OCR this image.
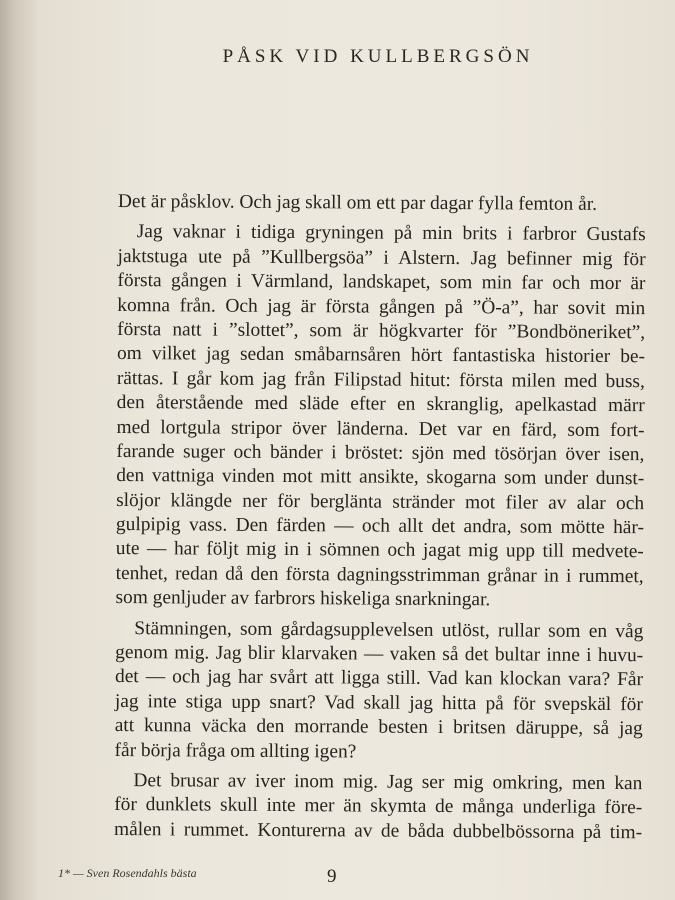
PÅSK VID KULLBERGSÖN
Det är påsklov. Och jag skall om ett par dagar fylla femton år.
Jag vaknar i tidiga gryningen på min brits i farbror Gustafs
jaktstuga ute på ”Kullbergsöa” i Alstern. Jag befinner mig för
första gången i Värmland, landskapet, som min far och mor är
komna från. Och jag är första gången på ”Ö-a”, har sovit min
första natt i ”slottet”, som är högkvarter för ”Bondböneriket”,
om vilket jag sedan småbarnsåren hört fantastiska historier be-
rättas. I går kom jag från Filipstad hitut: första milen med buss,
den återstående med släde efter en skranglig, apelkastad märr
med lortgula stripor över länderna. Det var en färd, som fort-
farande suger och bänder i bröstet: sjön med tösörjan över isen,
den vattniga vinden mot mitt ansikte, skogarna som under dunst-
slöjor klängde ner för berglänta stränder mot filer av alar och
gulpipig vass. Den färden — och allt det andra, som mötte här-
ute — har följt mig in i sömnen och jagat mig upp till medvete-
tenhet, redan då den första dagningsstrimman grånar in i rummet,
som genljuder av farbrors hiskeliga snarkningar.
Stämningen, som gårdagsupplevelsen utlöst, rullar som en våg
genom mig. Jag blir klarvaken — vaken så det bultar inne i huvu-
det — och jag har svårt att ligga still. Vad kan klockan vara? Får
jag inte stiga upp snart? Vad skall jag hitta på för svepskäl för
att kunna väcka den morrande besten i britsen däruppe, så jag
får börja fråga om allting igen?
Det brusar av iver inom mig. Jag ser mig omkring, men kan
för dunklets skull inte mer än skymta de många underliga före-
målen i rummet. Konturerna av de båda dubbelbössorna på tim-
1* — Sven Rosendahls bästa	9
